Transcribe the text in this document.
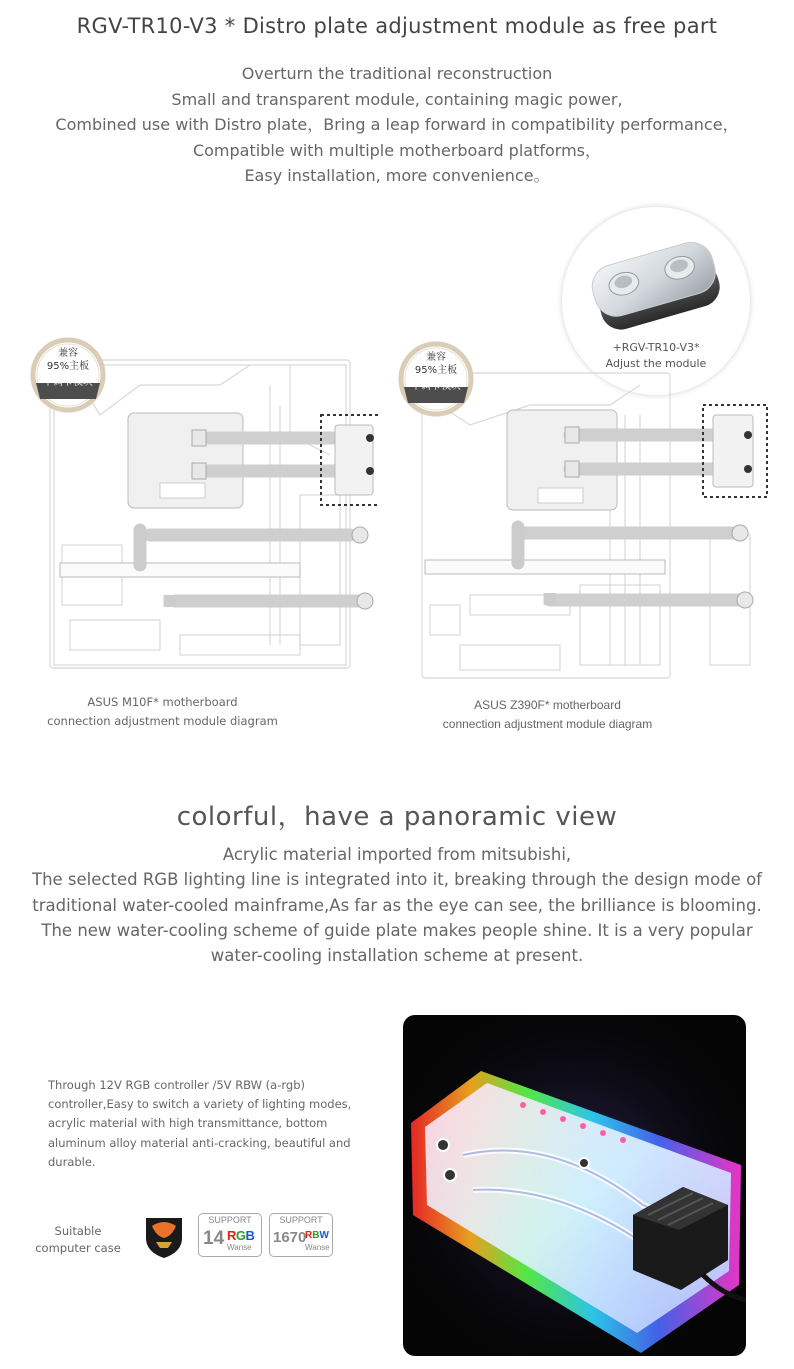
RGV-TR10-V3 * Distro plate adjustment module as free part
Overturn the traditional reconstruction
Small and transparent module, containing magic power,
Combined use with Distro plate，Bring a leap forward in compatibility performance，
Compatible with multiple motherboard platforms，
Easy installation, more convenience。
+RGV-TR10-V3*
Adjust the module
兼容
95%主板
十调节模块
兼容
95%主板
十调节模块
ASUS M10F* motherboard
connection adjustment module diagram
ASUS Z390F* motherboard
connection adjustment module diagram
colorful，have a panoramic view
Acrylic material imported from mitsubishi,
The selected RGB lighting line is integrated into it, breaking through the design mode of
traditional water-cooled mainframe,As far as the eye can see, the brilliance is blooming.
The new water-cooling scheme of guide plate makes people shine. It is a very popular
water-cooling installation scheme at present.
Through 12V RGB controller /5V RBW (a-rgb) controller,Easy to switch a variety of lighting modes, acrylic material with high transmittance, bottom aluminum alloy material anti-cracking, beautiful and durable.
Suitable
computer case
SUPPORT
14 RGB
Wanse
SUPPORT
1670
RBW
Wanse
